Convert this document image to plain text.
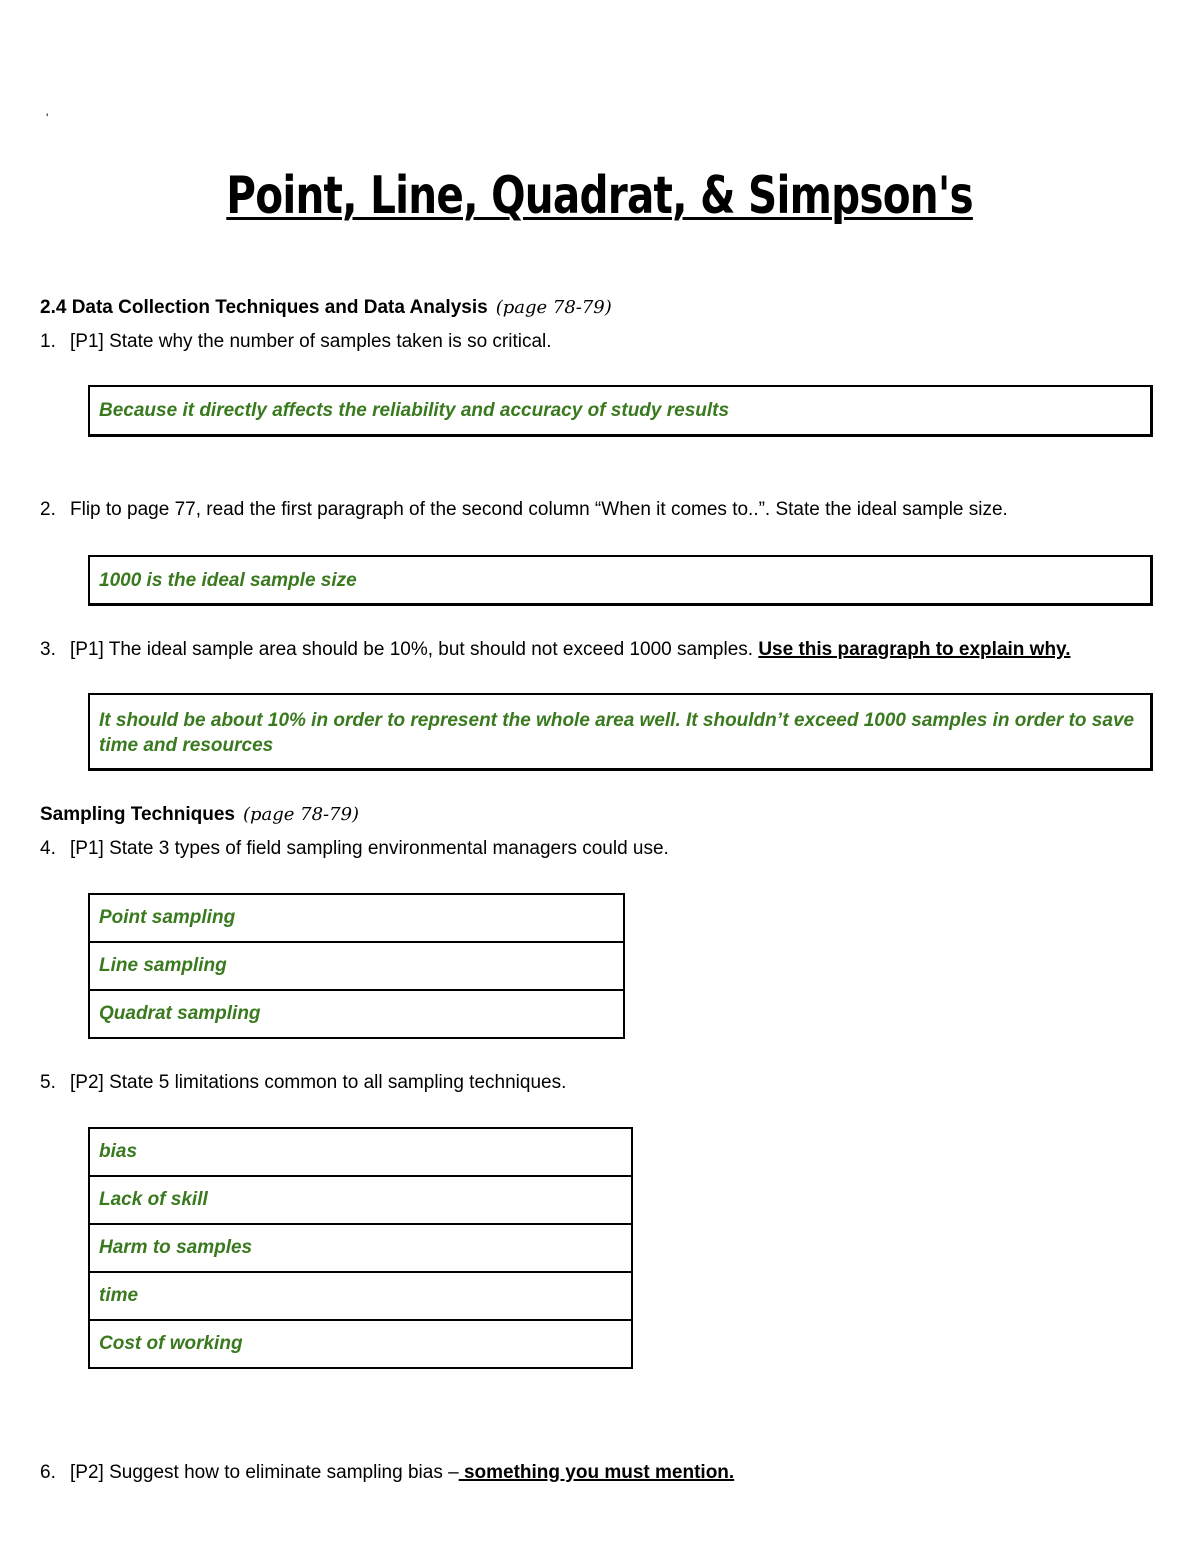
'
Point, Line, Quadrat, & Simpson's
2.4 Data Collection Techniques and Data Analysis (page 78-79)
1. [P1] State why the number of samples taken is so critical.
Because it directly affects the reliability and accuracy of study results
2. Flip to page 77, read the first paragraph of the second column “When it comes to..”. State the ideal sample size.
1000 is the ideal sample size
3. [P1] The ideal sample area should be 10%, but should not exceed 1000 samples. Use this paragraph to explain why.
It should be about 10% in order to represent the whole area well. It shouldn’t exceed 1000 samples in order to save time and resources
Sampling Techniques (page 78-79)
4. [P1] State 3 types of field sampling environmental managers could use.
Point sampling
Line sampling
Quadrat sampling
5. [P2] State 5 limitations common to all sampling techniques.
bias
Lack of skill
Harm to samples
time
Cost of working
6. [P2] Suggest how to eliminate sampling bias – something you must mention.
